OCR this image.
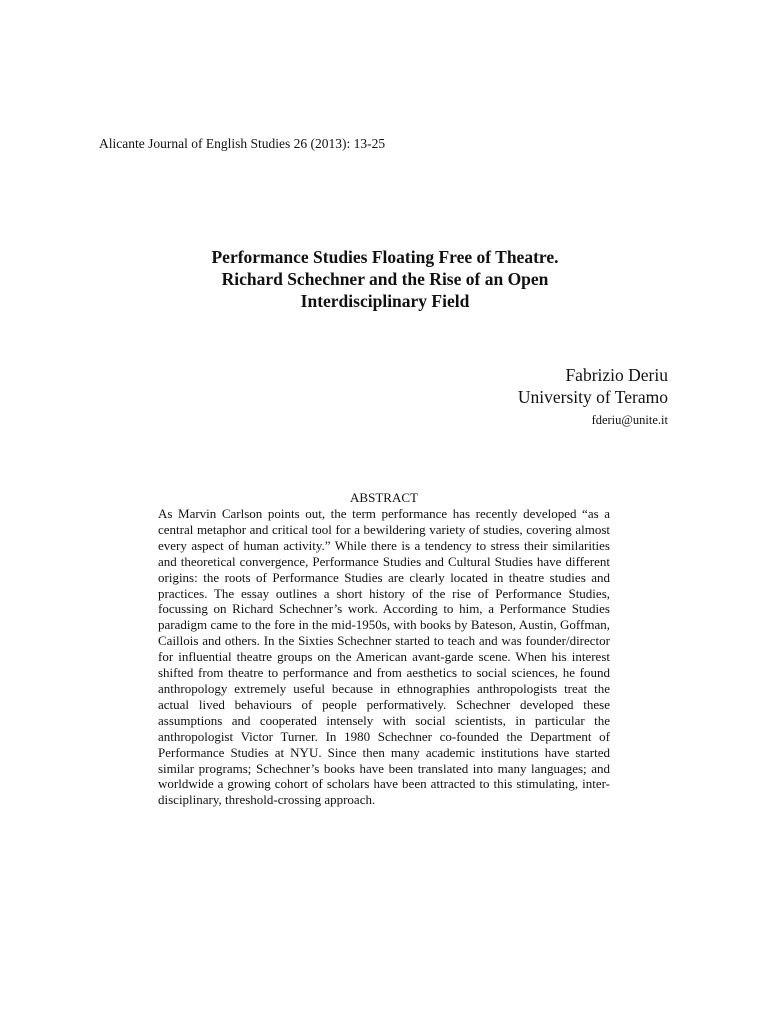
Alicante Journal of English Studies 26 (2013): 13-25
Performance Studies Floating Free of Theatre.
Richard Schechner and the Rise of an Open
Interdisciplinary Field
Fabrizio Deriu
University of Teramo
fderiu@unite.it
ABSTRACT
As Marvin Carlson points out, the term performance has recently developed “as a central metaphor and critical tool for a bewildering variety of studies, covering almost every aspect of human activity.” While there is a tendency to stress their similarities and theoretical convergence, Performance Studies and Cultural Studies have different origins: the roots of Performance Studies are clearly located in theatre studies and practices. The essay outlines a short history of the rise of Performance Studies, focussing on Richard Schechner’s work. According to him, a Performance Studies paradigm came to the fore in the mid-1950s, with books by Bateson, Austin, Goffman, Caillois and others. In the Sixties Schechner started to teach and was founder/director for influential theatre groups on the American avant-garde scene. When his interest shifted from theatre to performance and from aesthetics to social sciences, he found anthropology extremely useful because in ethnographies anthropologists treat the actual lived behaviours of people performatively. Schechner developed these assumptions and cooperated intensely with social scientists, in particular the anthropologist Victor Turner. In 1980 Schechner co-founded the Department of Performance Studies at NYU. Since then many academic institutions have started similar programs; Schechner’s books have been translated into many languages; and worldwide a growing cohort of scholars have been attracted to this stimulating, inter-disciplinary, threshold-crossing approach.
